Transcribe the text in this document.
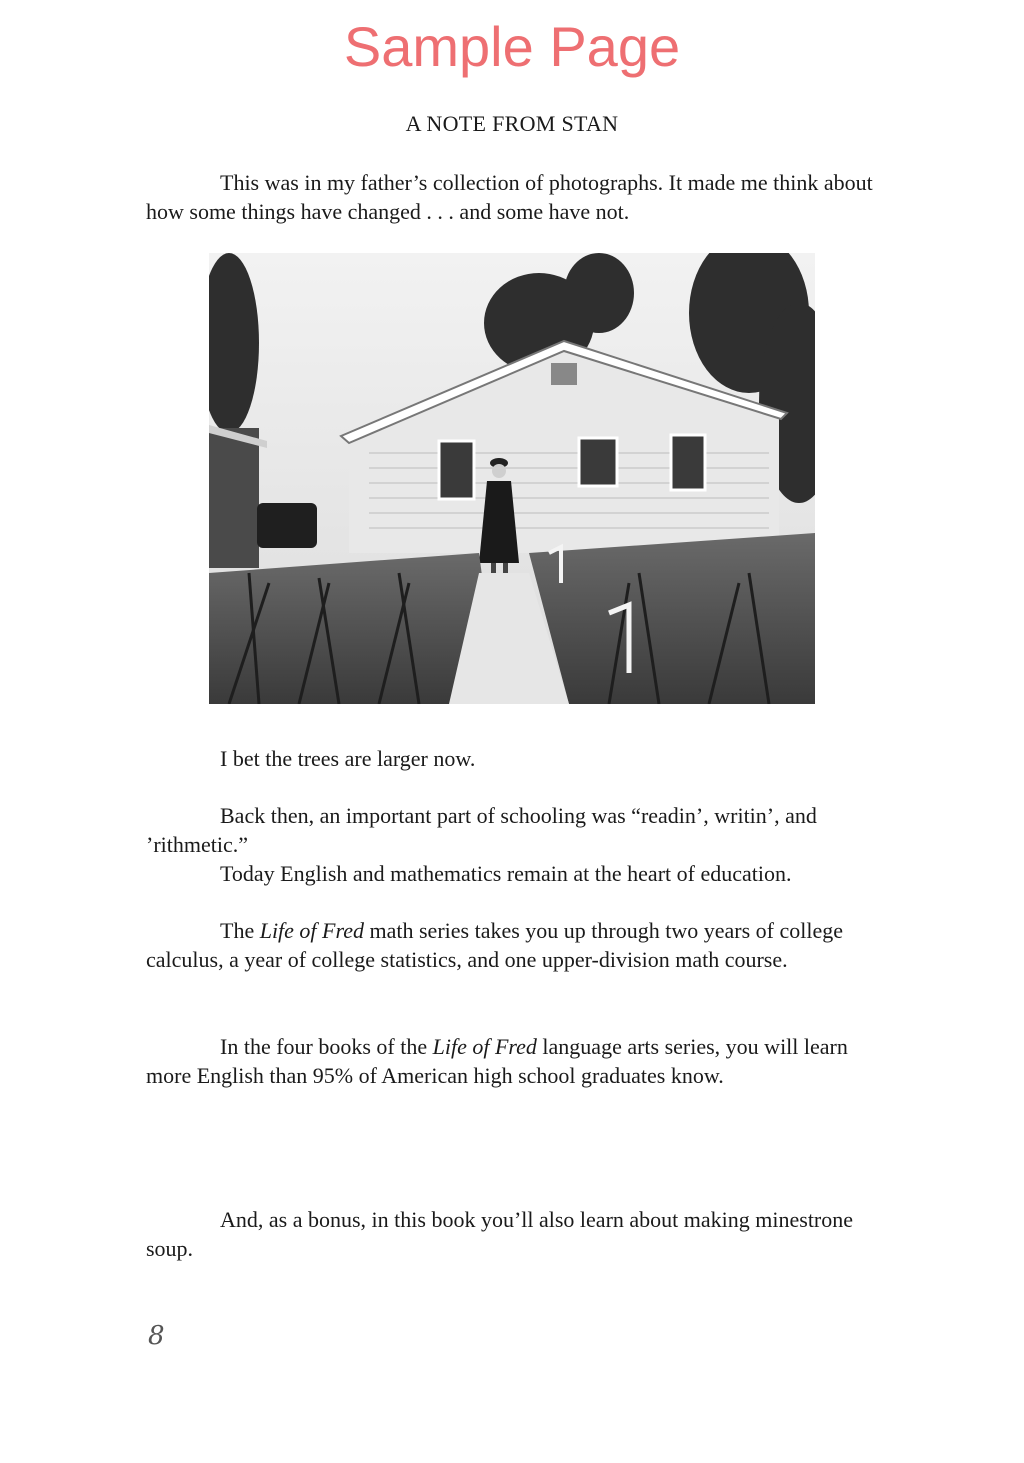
Sample Page
A NOTE FROM STAN

This was in my father’s collection of photographs. It made me think about how some things have changed . . . and some have not.

I bet the trees are larger now.

Back then, an important part of schooling was “readin’, writin’, and ’rithmetic.”

Today English and mathematics remain at the heart of education.

The Life of Fred math series takes you up through two years of college calculus, a year of college statistics, and one upper-division math course.

In the four books of the Life of Fred language arts series, you will learn more English than 95% of American high school graduates know.

And, as a bonus, in this book you’ll also learn about making minestrone soup.

8
